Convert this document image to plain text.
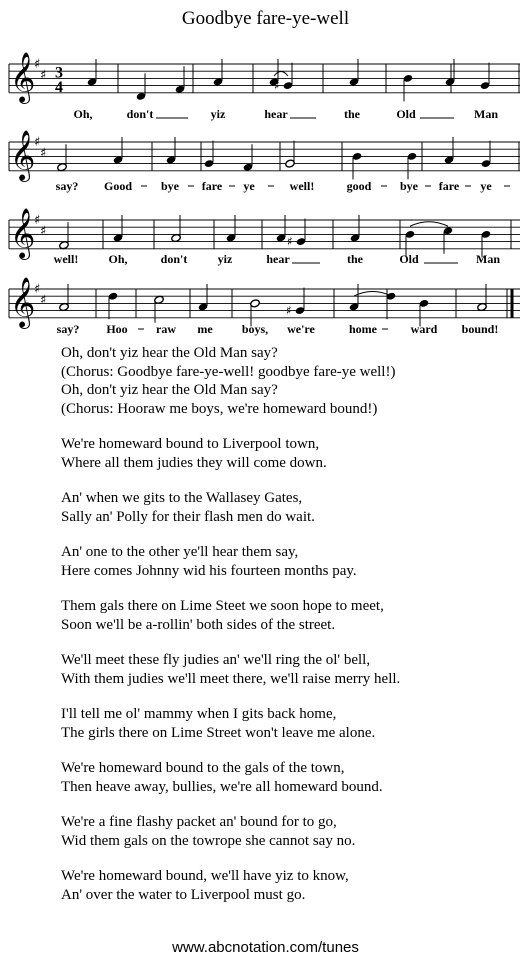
Goodbye fare-ye-well
𝄞
♯
♯ 3
4	♯
Oh,	don't	yiz	hear	the	Old	Man
𝄞
♯
♯
say? Good bye fare ye	well!	good bye fare ye
𝄞
♯
♯
♯
well!	Oh,	don't	yiz	hear	the	Old	Man
𝄞
♯
♯
♯
say? Hoo raw me boys, we're	home	ward bound!
Oh, don't yiz hear the Old Man say?
(Chorus: Goodbye fare-ye-well! goodbye fare-ye well!)
Oh, don't yiz hear the Old Man say?
(Chorus: Hooraw me boys, we're homeward bound!)
We're homeward bound to Liverpool town,
Where all them judies they will come down.
An' when we gits to the Wallasey Gates,
Sally an' Polly for their flash men do wait.
An' one to the other ye'll hear them say,
Here comes Johnny wid his fourteen months pay.
Them gals there on Lime Steet we soon hope to meet,
Soon we'll be a-rollin' both sides of the street.
We'll meet these fly judies an' we'll ring the ol' bell,
With them judies we'll meet there, we'll raise merry hell.
I'll tell me ol' mammy when I gits back home,
The girls there on Lime Street won't leave me alone.
We're homeward bound to the gals of the town,
Then heave away, bullies, we're all homeward bound.
We're a fine flashy packet an' bound for to go,
Wid them gals on the towrope she cannot say no.
We're homeward bound, we'll have yiz to know,
An' over the water to Liverpool must go.
www.abcnotation.com/tunes
